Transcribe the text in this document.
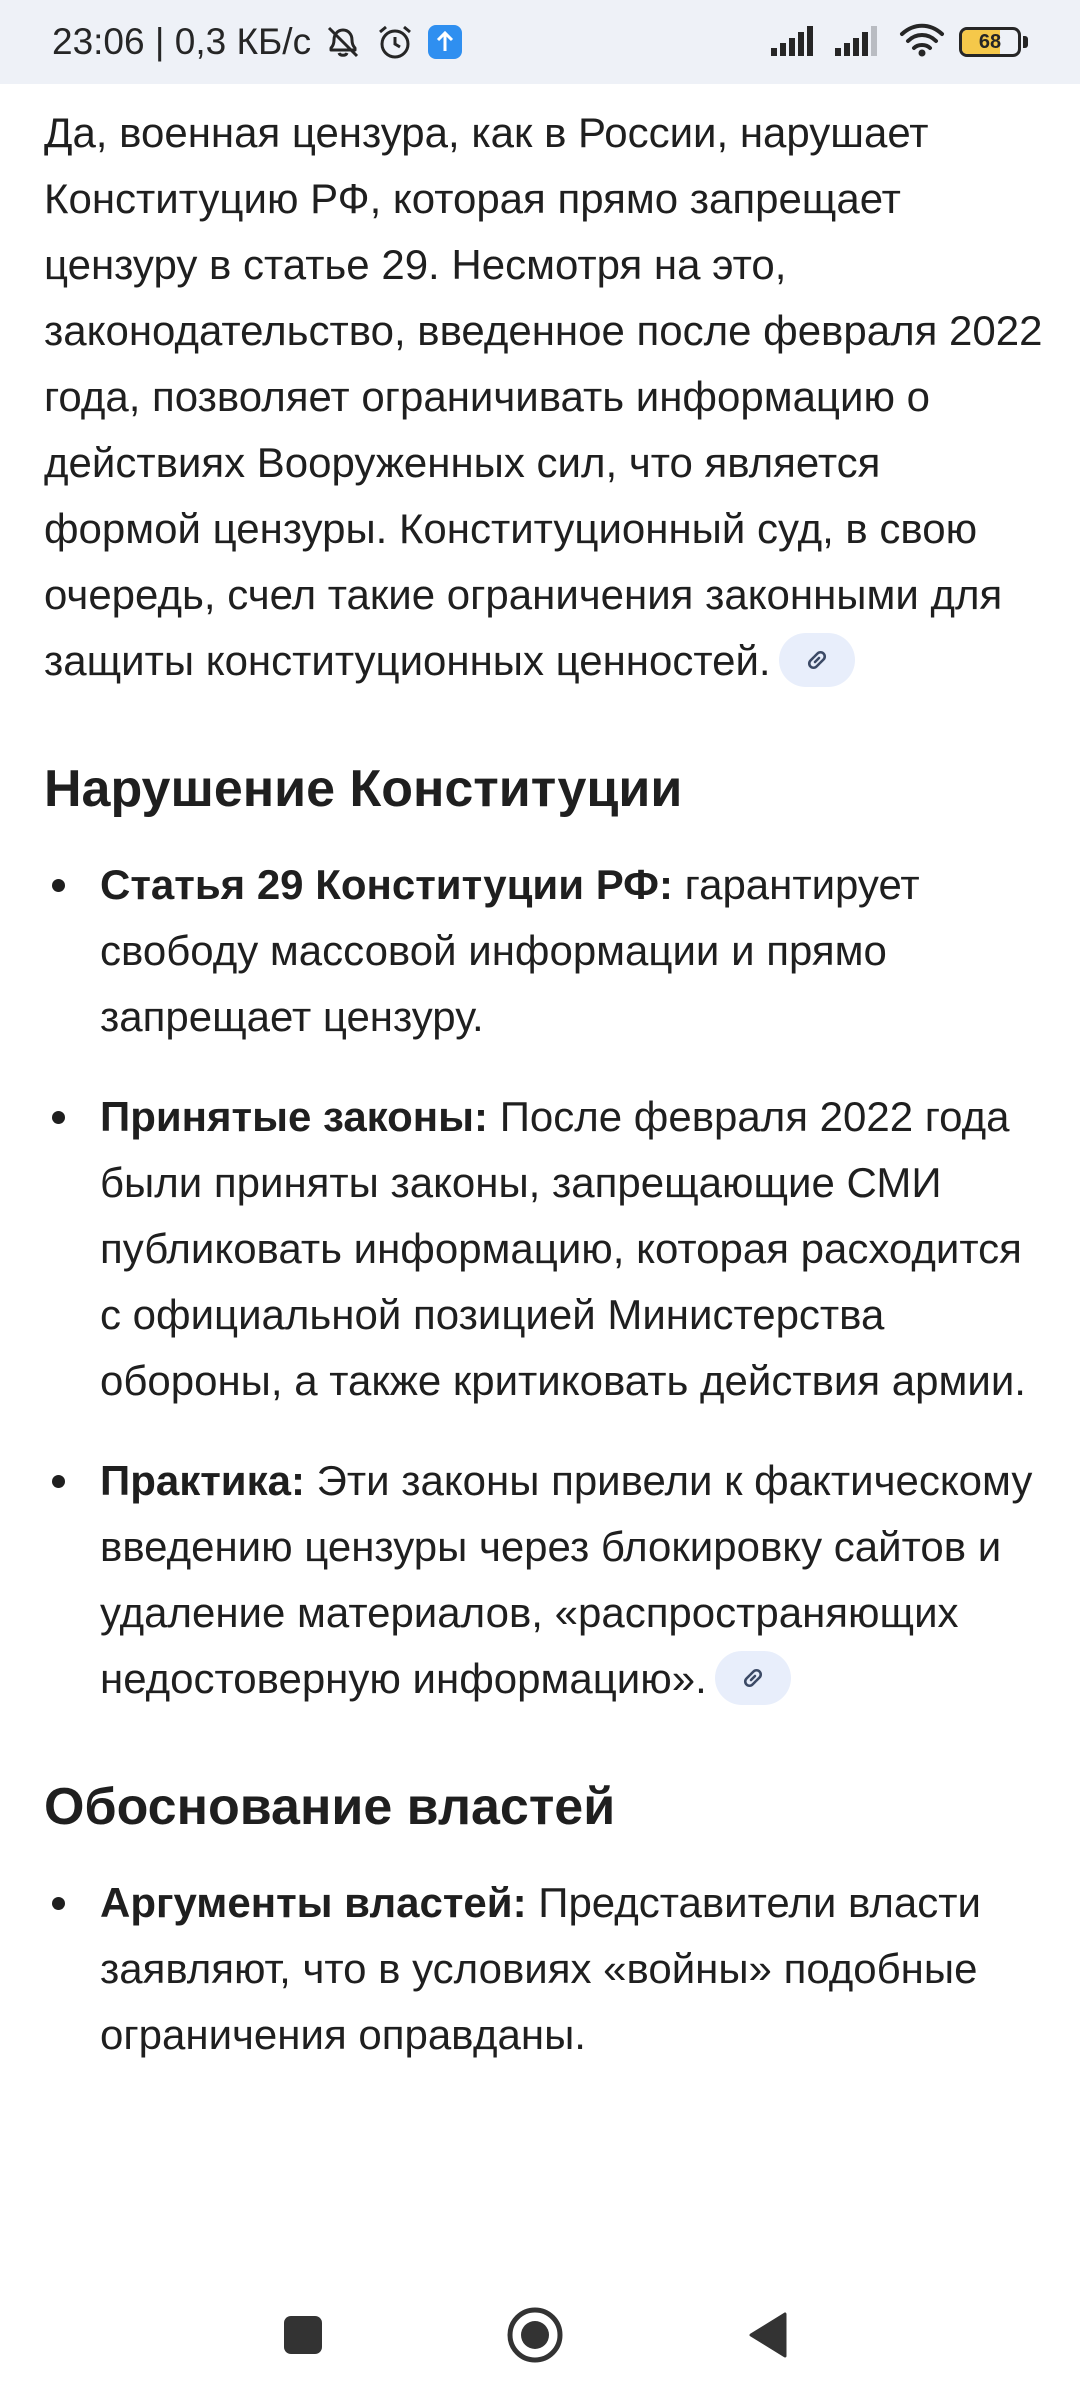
23:06 | 0,3 КБ/с	68

Да, военная цензура, как в России, нарушает Конституцию РФ, которая прямо запрещает цензуру в статье 29. Несмотря на это, законодательство, введенное после февраля 2022 года, позволяет ограничивать информацию о действиях Вооруженных сил, что является формой цензуры. Конституционный суд, в свою очередь, счел такие ограничения законными для защиты конституционных ценностей.

Нарушение Конституции
Статья 29 Конституции РФ: гарантирует свободу массовой информации и прямо запрещает цензуру.
Принятые законы: После февраля 2022 года были приняты законы, запрещающие СМИ публиковать информацию, которая расходится с официальной позицией Министерства обороны, а также критиковать действия армии.
Практика: Эти законы привели к фактическому введению цензуры через блокировку сайтов и удаление материалов, «распространяющих недостоверную информацию».
Обоснование властей
Аргументы властей: Представители власти заявляют, что в условиях «войны» подобные ограничения оправданы.
